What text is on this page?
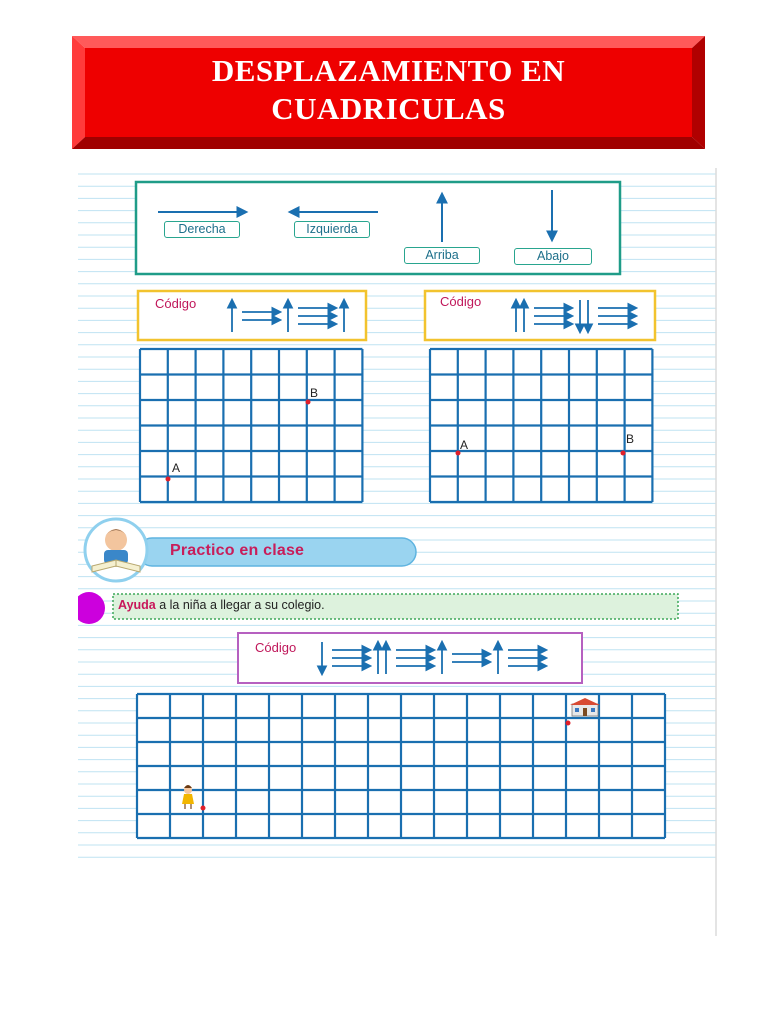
DESPLAZAMIENTO EN
CUADRICULAS
Derecha	Izquierda
Arriba	Abajo
Código	Código
Código
A
B
A	B
Practico en clase
Ayuda a la niña a llegar a su colegio.
